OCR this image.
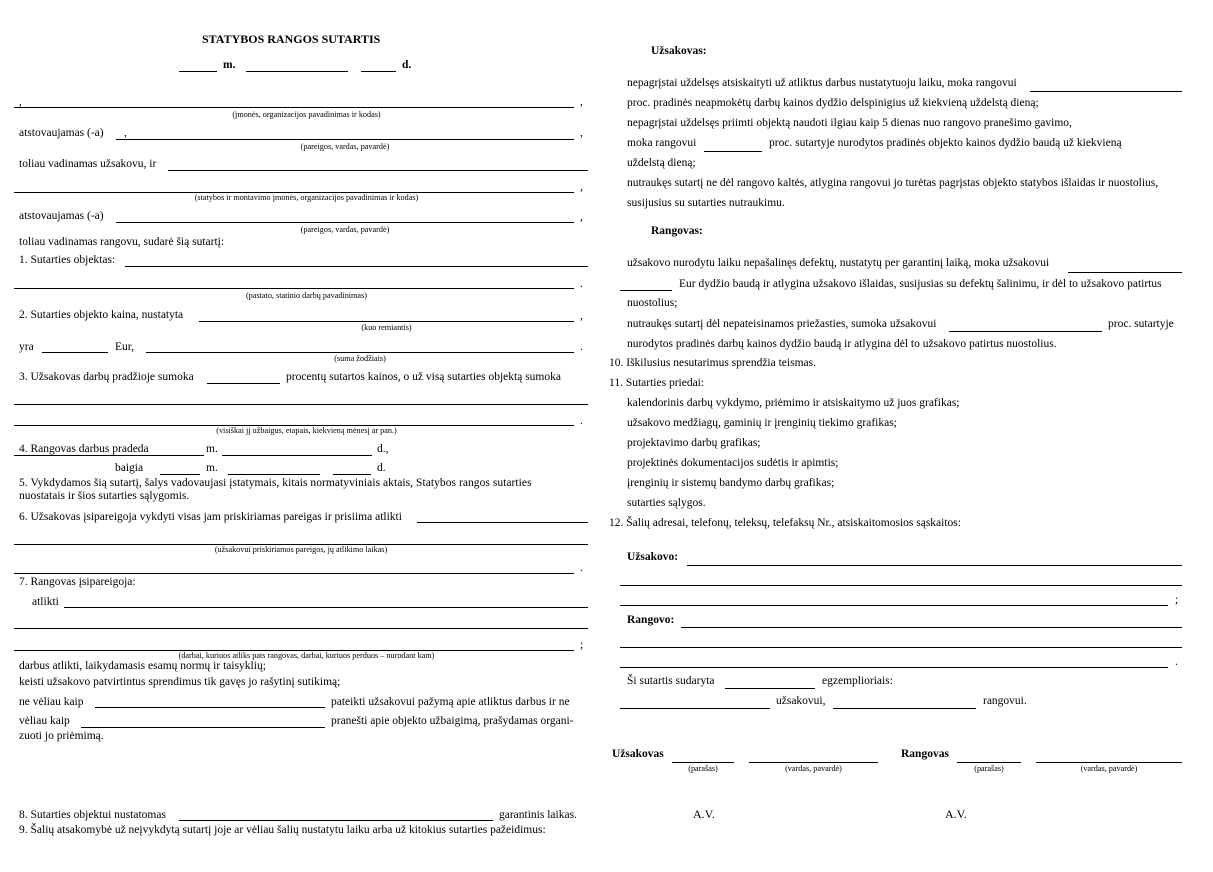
STATYBOS RANGOS SUTARTIS
m.	d.
,	,
(įmonės, organizacijos pavadinimas ir kodas)
atstovaujamas (-a) ,	,
(pareigos, vardas, pavardė)
toliau vadinamas užsakovu, ir
,
(statybos ir montavimo įmonės, organizacijos pavadinimas ir kodas)
atstovaujamas (-a)	,
(pareigos, vardas, pavardė)
toliau vadinamas rangovu, sudarė šią sutartį:
1. Sutarties objektas:
.
(pastato, statinio darbų pavadinimas)
2. Sutarties objekto kaina, nustatyta	,
(kuo remiantis)
yra	Eur,	.
(suma žodžiais)
3. Užsakovas darbų pradžioje sumoka	procentų sutartos kainos, o už visą sutarties objektą sumoka
.
(visiškai jį užbaigus, etapais, kiekvieną mėnesį ar pan.)
4. Rangovas darbus pradeda	m.	d.,
baigia	m.	d.
5. Vykdydamos šią sutartį, šalys vadovaujasi įstatymais, kitais normatyviniais aktais, Statybos rangos sutarties
nuostatais ir šios sutarties sąlygomis.
6. Užsakovas įsipareigoja vykdyti visas jam priskiriamas pareigas ir prisiima atlikti
(užsakovui priskiriamos pareigos, jų atlikimo laikas)
.
7. Rangovas įsipareigoja:
atlikti
;
(darbai, kuriuos atliks pats rangovas, darbai, kuriuos perduos – nurodant kam)
darbus atlikti, laikydamasis esamų normų ir taisyklių;
keisti užsakovo patvirtintus sprendimus tik gavęs jo rašytinį sutikimą;
ne vėliau kaip	pateikti užsakovui pažymą apie atliktus darbus ir ne
vėliau kaip	pranešti apie objekto užbaigimą, prašydamas organi-
zuoti jo priėmimą.
8. Sutarties objektui nustatomas	garantinis laikas.
9. Šalių atsakomybė už neįvykdytą sutartį joje ar vėliau šalių nustatytu laiku arba už kitokius sutarties pažeidimus:
Užsakovas:
nepagrįstai uždelsęs atsiskaityti už atliktus darbus nustatytuoju laiku, moka rangovui
proc. pradinės neapmokėtų darbų kainos dydžio delspinigius už kiekvieną uždelstą dieną;
nepagrįstai uždelsęs priimti objektą naudoti ilgiau kaip 5 dienas nuo rangovo pranešimo gavimo,
moka rangovui	proc. sutartyje nurodytos pradinės objekto kainos dydžio baudą už kiekvieną
uždelstą dieną;
nutraukęs sutartį ne dėl rangovo kaltės, atlygina rangovui jo turėtas pagrįstas objekto statybos išlaidas ir nuostolius,
susijusius su sutarties nutraukimu.
Rangovas:
užsakovo nurodytu laiku nepašalinęs defektų, nustatytų per garantinį laiką, moka užsakovui
Eur dydžio baudą ir atlygina užsakovo išlaidas, susijusias su defektų šalinimu, ir dėl to užsakovo patirtus
nuostolius;
nutraukęs sutartį dėl nepateisinamos priežasties, sumoka užsakovui	proc. sutartyje
nurodytos pradinės darbų kainos dydžio baudą ir atlygina dėl to užsakovo patirtus nuostolius.
10. Iškilusius nesutarimus sprendžia teismas.
11. Sutarties priedai:
kalendorinis darbų vykdymo, priėmimo ir atsiskaitymo už juos grafikas;
užsakovo medžiagų, gaminių ir įrenginių tiekimo grafikas;
projektavimo darbų grafikas;
projektinės dokumentacijos sudėtis ir apimtis;
įrenginių ir sistemų bandymo darbų grafikas;
sutarties sąlygos.
12. Šalių adresai, telefonų, teleksų, telefaksų Nr., atsiskaitomosios sąskaitos:
Užsakovo:
;
Rangovo:
.
Ši sutartis sudaryta	egzemplioriais:
užsakovui,	rangovui.
Užsakovas
(parašas)	(vardas, pavardė)
Rangovas
(parašas)	(vardas, pavardė)
A.V.	A.V.
